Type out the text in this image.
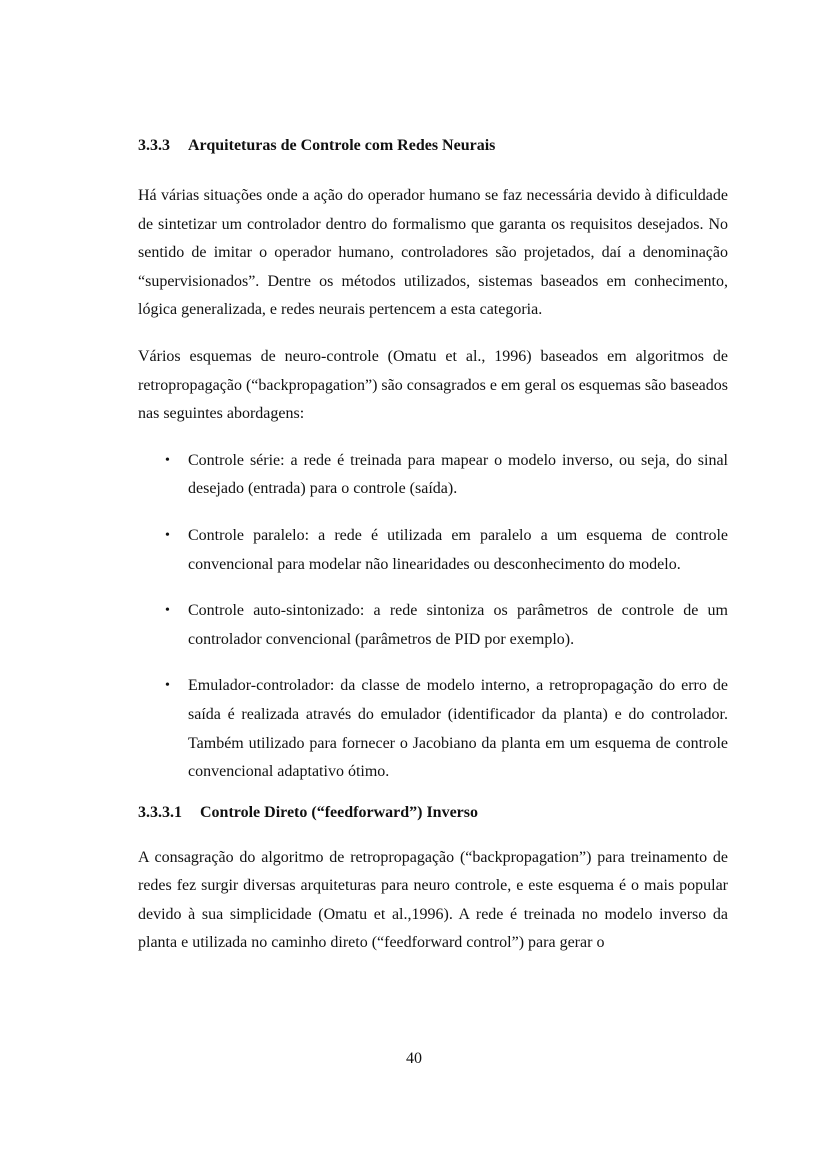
3.3.3	Arquiteturas de Controle com Redes Neurais

Há várias situações onde a ação do operador humano se faz necessária devido à dificuldade de sintetizar um controlador dentro do formalismo que garanta os requisitos desejados. No sentido de imitar o operador humano, controladores são projetados, daí a denominação “supervisionados”. Dentre os métodos utilizados, sistemas baseados em conhecimento, lógica generalizada, e redes neurais pertencem a esta categoria.

Vários esquemas de neuro-controle (Omatu et al., 1996) baseados em algoritmos de retropropagação (“backpropagation”) são consagrados e em geral os esquemas são baseados nas seguintes abordagens:

• Controle série: a rede é treinada para mapear o modelo inverso, ou seja, do sinal desejado (entrada) para o controle (saída).
• Controle paralelo: a rede é utilizada em paralelo a um esquema de controle convencional para modelar não linearidades ou desconhecimento do modelo.
• Controle auto-sintonizado: a rede sintoniza os parâmetros de controle de um controlador convencional (parâmetros de PID por exemplo).
• Emulador-controlador: da classe de modelo interno, a retropropagação do erro de saída é realizada através do emulador (identificador da planta) e do controlador. Também utilizado para fornecer o Jacobiano da planta em um esquema de controle convencional adaptativo ótimo.
3.3.3.1	Controle Direto (“feedforward”) Inverso

A consagração do algoritmo de retropropagação (“backpropagation”) para treinamento de redes fez surgir diversas arquiteturas para neuro controle, e este esquema é o mais popular devido à sua simplicidade (Omatu et al.,1996). A rede é treinada no modelo inverso da planta e utilizada no caminho direto (“feedforward control”) para gerar o

40
